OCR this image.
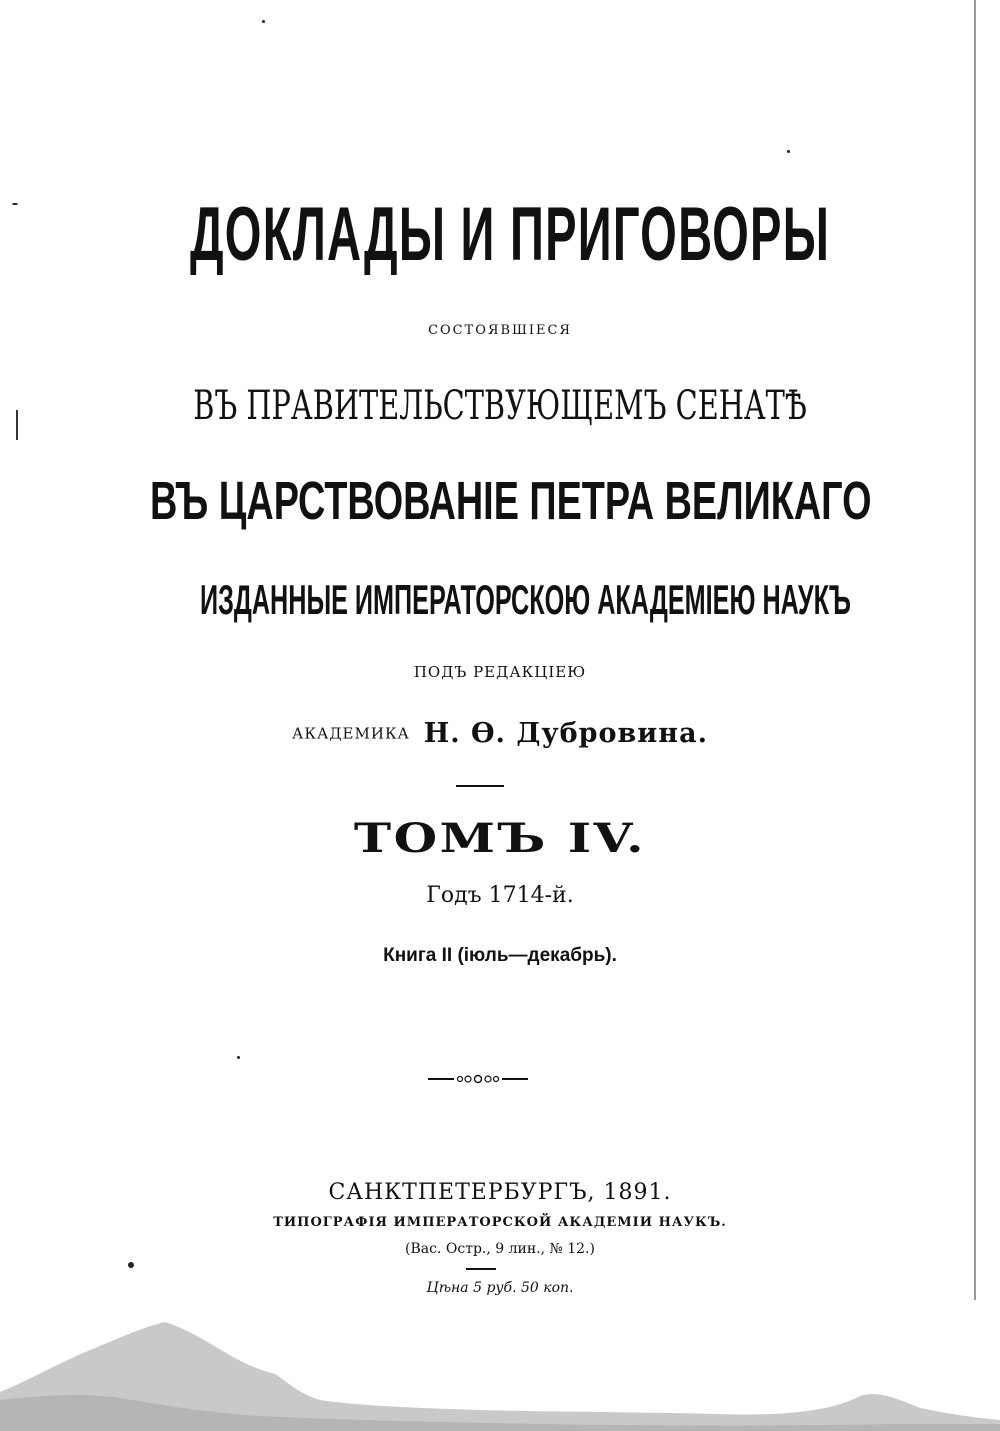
ДОКЛАДЫ И ПРИГОВОРЫ
состоявшіеся
ВЪ ПРАВИТЕЛЬСТВУЮЩЕМЪ СЕНАТѢ
ВЪ ЦАРСТВОВАНІЕ ПЕТРА ВЕЛИКАГО
ИЗДАННЫЕ ИМПЕРАТОРСКОЮ АКАДЕМІЕЮ НАУКЪ
ПОДЪ РЕДАКЦІЕЮ
АКАДЕМИКА Н. Ѳ. Дубровина.
ТОМЪ IV.
Годъ 1714-й.
Книга II (іюль—декабрь).
САНКТПЕТЕРБУРГЪ, 1891.
ТИПОГРАФІЯ ИМПЕРАТОРСКОЙ АКАДЕМІИ НАУКЪ.
(Вас. Остр., 9 лин., № 12.)
Цѣна 5 руб. 50 коп.
